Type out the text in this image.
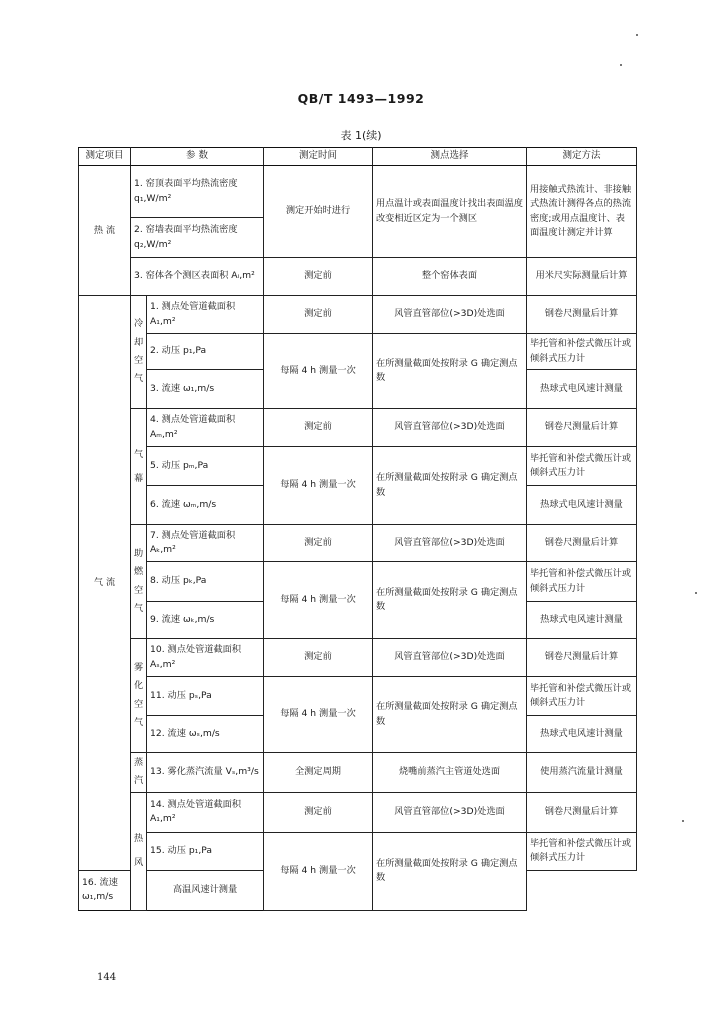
QB/T 1493—1992
表 1(续)
测定项目	参 数		测定时间	测点选择	测定方法
热 流	1. 窑顶表面平均热流密度 q₁,W/m²		测定开始时进行	用点温计或表面温度计找出表面温度改变相近区定为一个测区	用接触式热流计、非接触式热流计测得各点的热流密度;或用点温度计、表面温度计测定并计算
	2. 窑墙表面平均热流密度 q₂,W/m²				
	3. 窑体各个测区表面积 Aᵢ,m²		测定前	整个窑体表面	用米尺实际测量后计算
气 流	冷 却 空 气	1. 测点处管道截面积 A₁,m²	测定前	风管直管部位(>3D)处选面	钢卷尺测量后计算
		2. 动压 p₁,Pa	每隔 4 h 测量一次	在所测量截面处按附录 G 确定测点数	毕托管和补偿式微压计或倾斜式压力计
		3. 流速 ω₁,m/s			热球式电风速计测量
	气 幕	4. 测点处管道截面积 Aₘ,m²	测定前	风管直管部位(>3D)处选面	钢卷尺测量后计算
		5. 动压 pₘ,Pa	每隔 4 h 测量一次	在所测量截面处按附录 G 确定测点数	毕托管和补偿式微压计或倾斜式压力计
		6. 流速 ωₘ,m/s			热球式电风速计测量
	助 燃 空 气	7. 测点处管道截面积 Aₖ,m²	测定前	风管直管部位(>3D)处选面	钢卷尺测量后计算
		8. 动压 pₖ,Pa	每隔 4 h 测量一次	在所测量截面处按附录 G 确定测点数	毕托管和补偿式微压计或倾斜式压力计
		9. 流速 ωₖ,m/s			热球式电风速计测量
	雾 化 空 气	10. 测点处管道截面积 Aₛ,m²	测定前	风管直管部位(>3D)处选面	钢卷尺测量后计算
		11. 动压 pₛ,Pa	每隔 4 h 测量一次	在所测量截面处按附录 G 确定测点数	毕托管和补偿式微压计或倾斜式压力计
		12. 流速 ωₛ,m/s			热球式电风速计测量
	蒸 汽	13. 雾化蒸汽流量 Vₛ,m³/s	全测定周期	烧嘴前蒸汽主管道处选面	使用蒸汽流量计测量
	热 风	14. 测点处管道截面积 A₁,m²	测定前	风管直管部位(>3D)处选面	钢卷尺测量后计算
		15. 动压 p₁,Pa	每隔 4 h 测量一次	在所测量截面处按附录 G 确定测点数	毕托管和补偿式微压计或倾斜式压力计
16. 流速 ω₁,m/s		高温风速计测量			
144
